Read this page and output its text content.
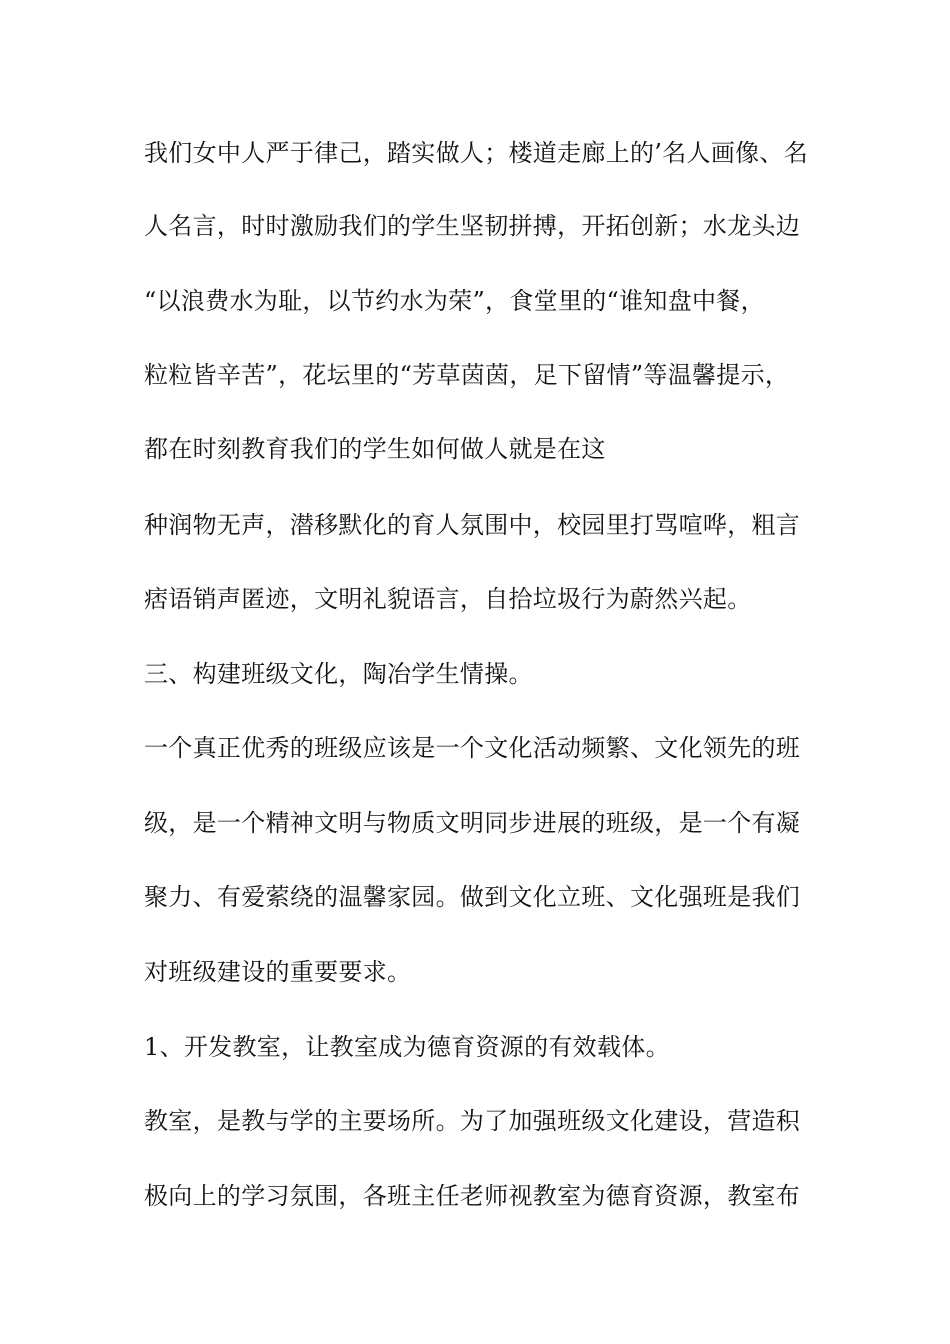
我们女中人严于律己，踏实做人；楼道走廊上的’名人画像、名

人名言，时时激励我们的学生坚韧拼搏，开拓创新；水龙头边

“以浪费水为耻，以节约水为荣”，食堂里的“谁知盘中餐，

粒粒皆辛苦”，花坛里的“芳草茵茵，足下留情”等温馨提示，

都在时刻教育我们的学生如何做人就是在这

种润物无声，潜移默化的育人氛围中，校园里打骂喧哗，粗言

痞语销声匿迹，文明礼貌语言，自拾垃圾行为蔚然兴起。

三、构建班级文化，陶冶学生情操。

一个真正优秀的班级应该是一个文化活动频繁、文化领先的班

级，是一个精神文明与物质文明同步进展的班级，是一个有凝

聚力、有爱萦绕的温馨家园。做到文化立班、文化强班是我们

对班级建设的重要要求。

1、开发教室，让教室成为德育资源的有效载体。

教室，是教与学的主要场所。为了加强班级文化建设，营造积

极向上的学习氛围，各班主任老师视教室为德育资源，教室布
